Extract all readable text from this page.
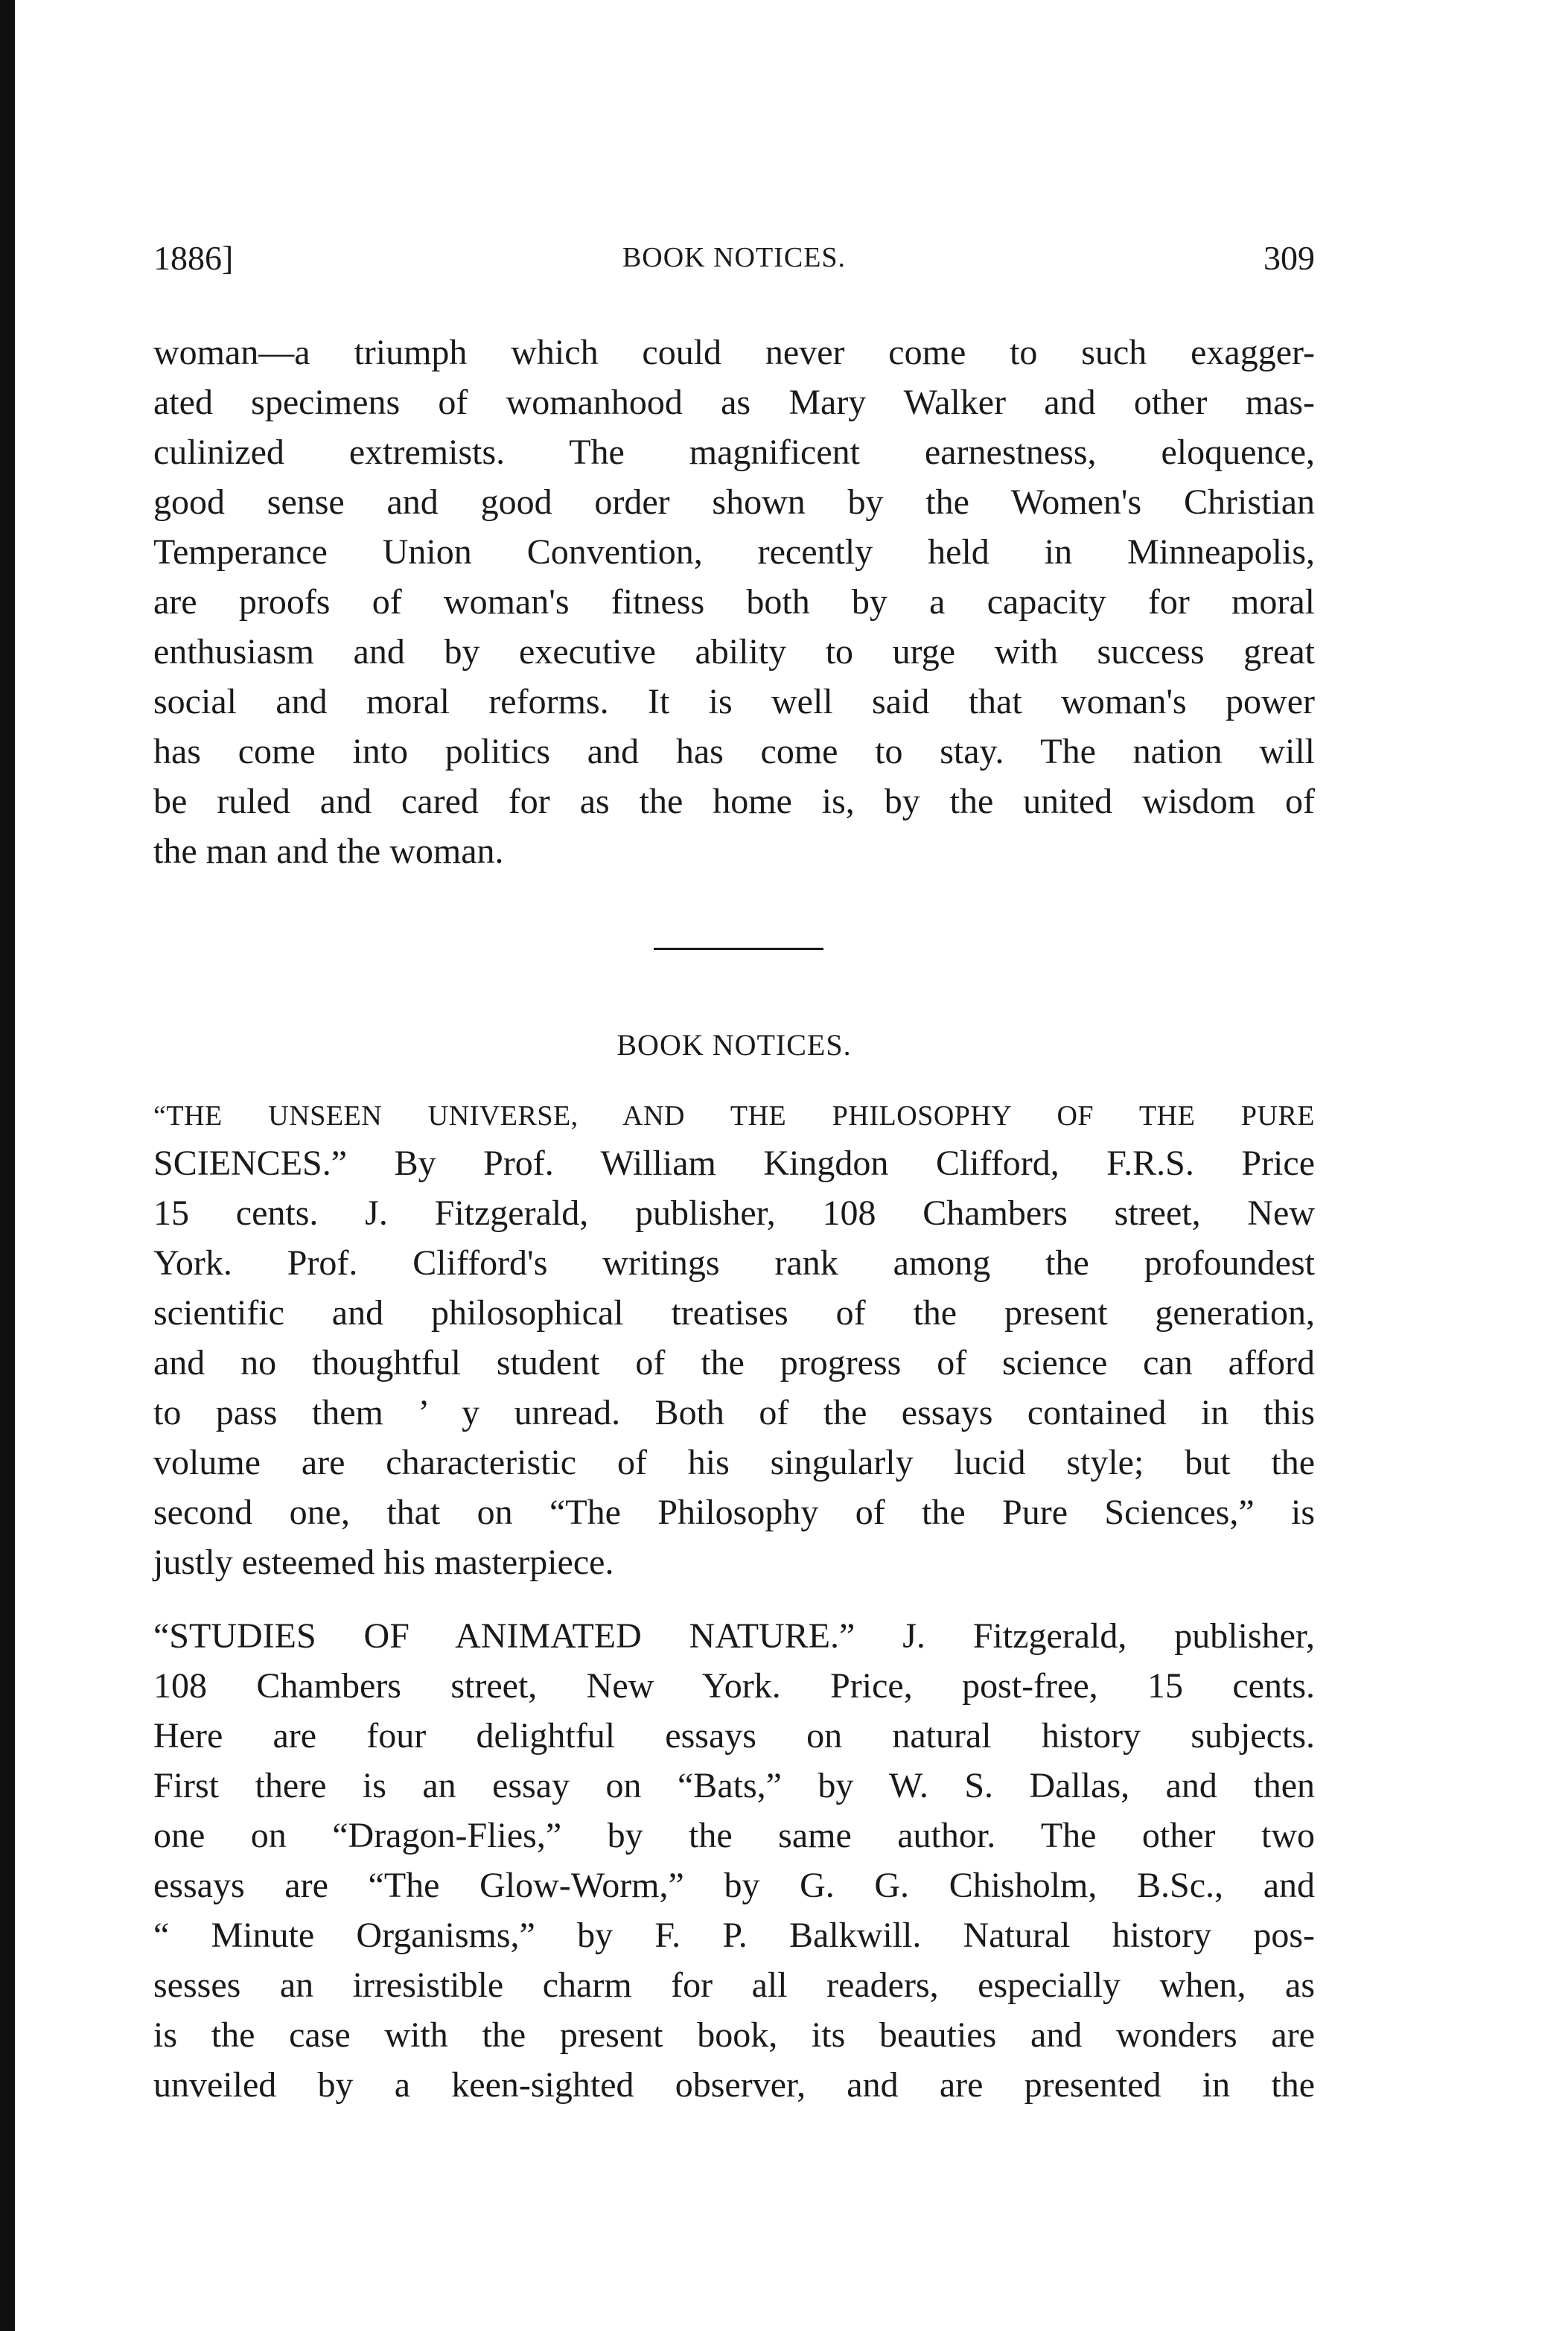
1886]	BOOK NOTICES.	309
woman—a triumph which could never come to such exagger-
ated specimens of womanhood as Mary Walker and other mas-
culinized extremists. The magnificent earnestness, eloquence,
good sense and good order shown by the Women's Christian
Temperance Union Convention, recently held in Minneapolis,
are proofs of woman's fitness both by a capacity for moral
enthusiasm and by executive ability to urge with success great
social and moral reforms. It is well said that woman's power
has come into politics and has come to stay. The nation will
be ruled and cared for as the home is, by the united wisdom of
the man and the woman.
BOOK NOTICES.
“THE UNSEEN UNIVERSE, AND THE PHILOSOPHY OF THE PURE
SCIENCES.” By Prof. William Kingdon Clifford, F.R.S. Price
15 cents. J. Fitzgerald, publisher, 108 Chambers street, New
York. Prof. Clifford's writings rank among the profoundest
scientific and philosophical treatises of the present generation,
and no thoughtful student of the progress of science can afford
to pass them ’ y unread. Both of the essays contained in this
volume are characteristic of his singularly lucid style; but the
second one, that on “The Philosophy of the Pure Sciences,” is
justly esteemed his masterpiece.
“STUDIES OF ANIMATED NATURE.” J. Fitzgerald, publisher,
108 Chambers street, New York. Price, post-free, 15 cents.
Here are four delightful essays on natural history subjects.
First there is an essay on “Bats,” by W. S. Dallas, and then
one on “Dragon-Flies,” by the same author. The other two
essays are “The Glow-Worm,” by G. G. Chisholm, B.Sc., and
“ Minute Organisms,” by F. P. Balkwill. Natural history pos-
sesses an irresistible charm for all readers, especially when, as
is the case with the present book, its beauties and wonders are
unveiled by a keen-sighted observer, and are presented in the
